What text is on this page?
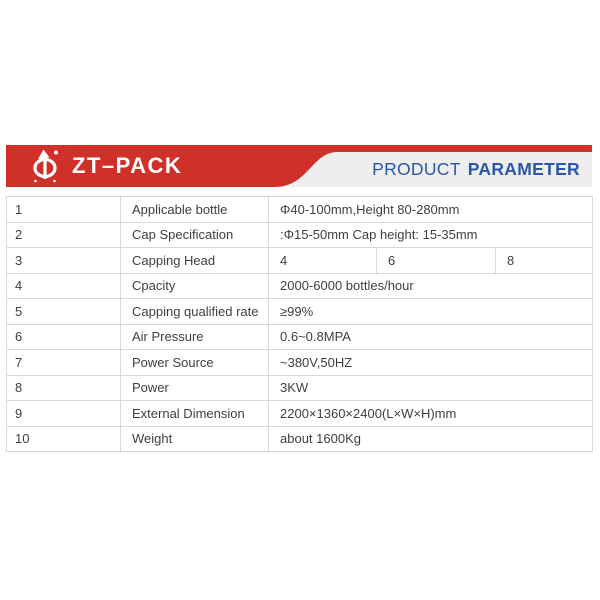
ZT–PACK	PRODUCT PARAMETER
1	Applicable bottle	Φ40-100mm,Height 80-280mm		
2	Cap Specification	:Φ15-50mm Cap height: 15-35mm		
3	Capping Head	4	6	8
4	Cpacity	2000-6000 bottles/hour		
5	Capping qualified rate	≥99%		
6	Air Pressure	0.6~0.8MPA		
7	Power Source	~380V,50HZ		
8	Power	3KW		
9	External Dimension	2200×1360×2400(L×W×H)mm		
10	Weight	about 1600Kg		
